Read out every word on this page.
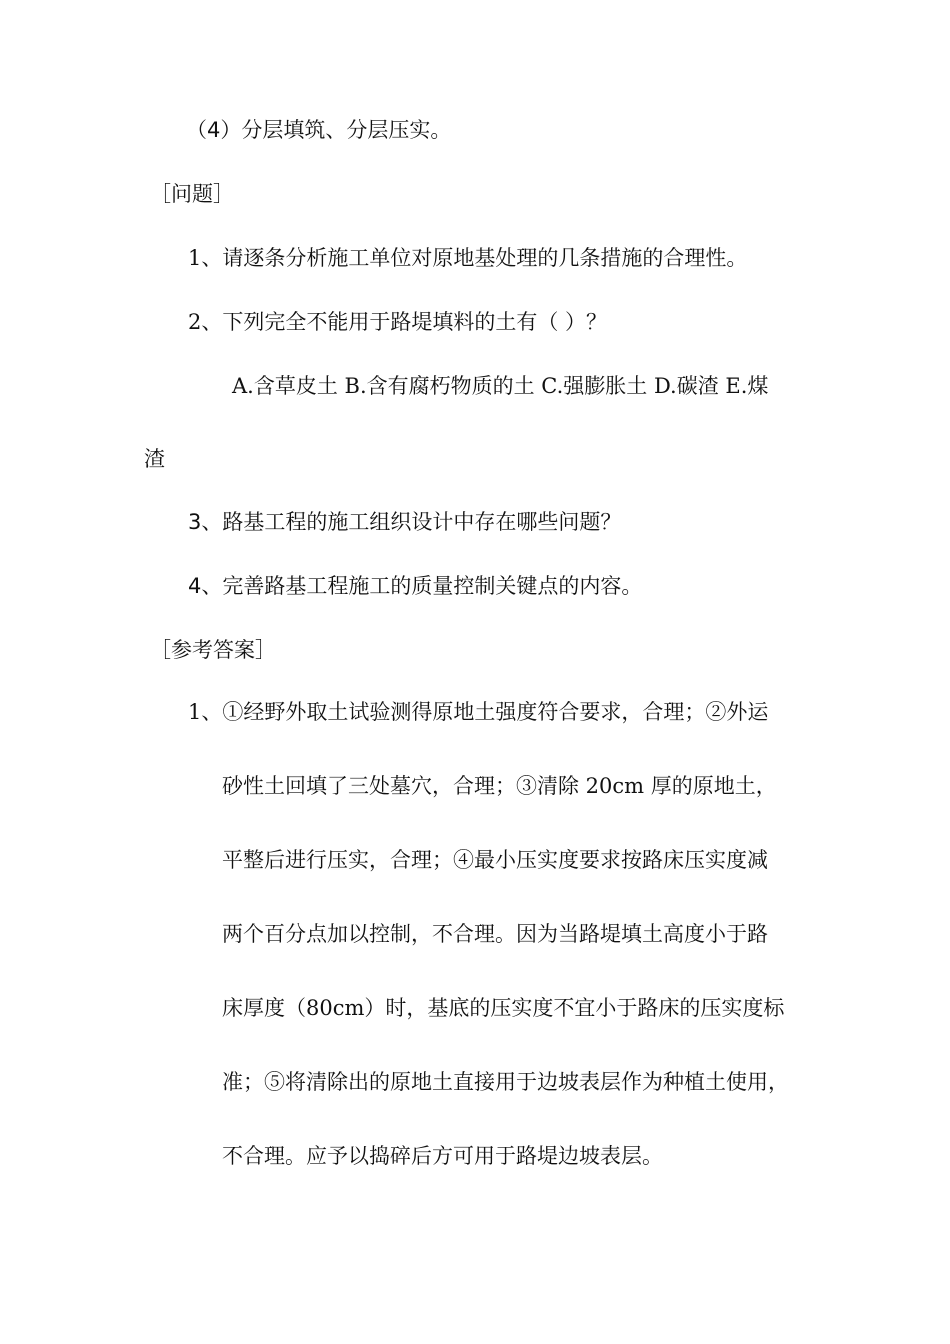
（4）分层填筑、分层压实。

［问题］

1、请逐条分析施工单位对原地基处理的几条措施的合理性。

2、下列完全不能用于路堤填料的土有（ ）？

A.含草皮土 B.含有腐朽物质的土 C.强膨胀土 D.碳渣 E.煤

渣

3、路基工程的施工组织设计中存在哪些问题？

4、完善路基工程施工的质量控制关键点的内容。

［参考答案］

1、①经野外取土试验测得原地土强度符合要求，合理；②外运

砂性土回填了三处墓穴，合理；③清除 20cm 厚的原地土，

平整后进行压实，合理；④最小压实度要求按路床压实度减

两个百分点加以控制，不合理。因为当路堤填土高度小于路

床厚度（80cm）时，基底的压实度不宜小于路床的压实度标

准；⑤将清除出的原地土直接用于边坡表层作为种植土使用，

不合理。应予以捣碎后方可用于路堤边坡表层。
